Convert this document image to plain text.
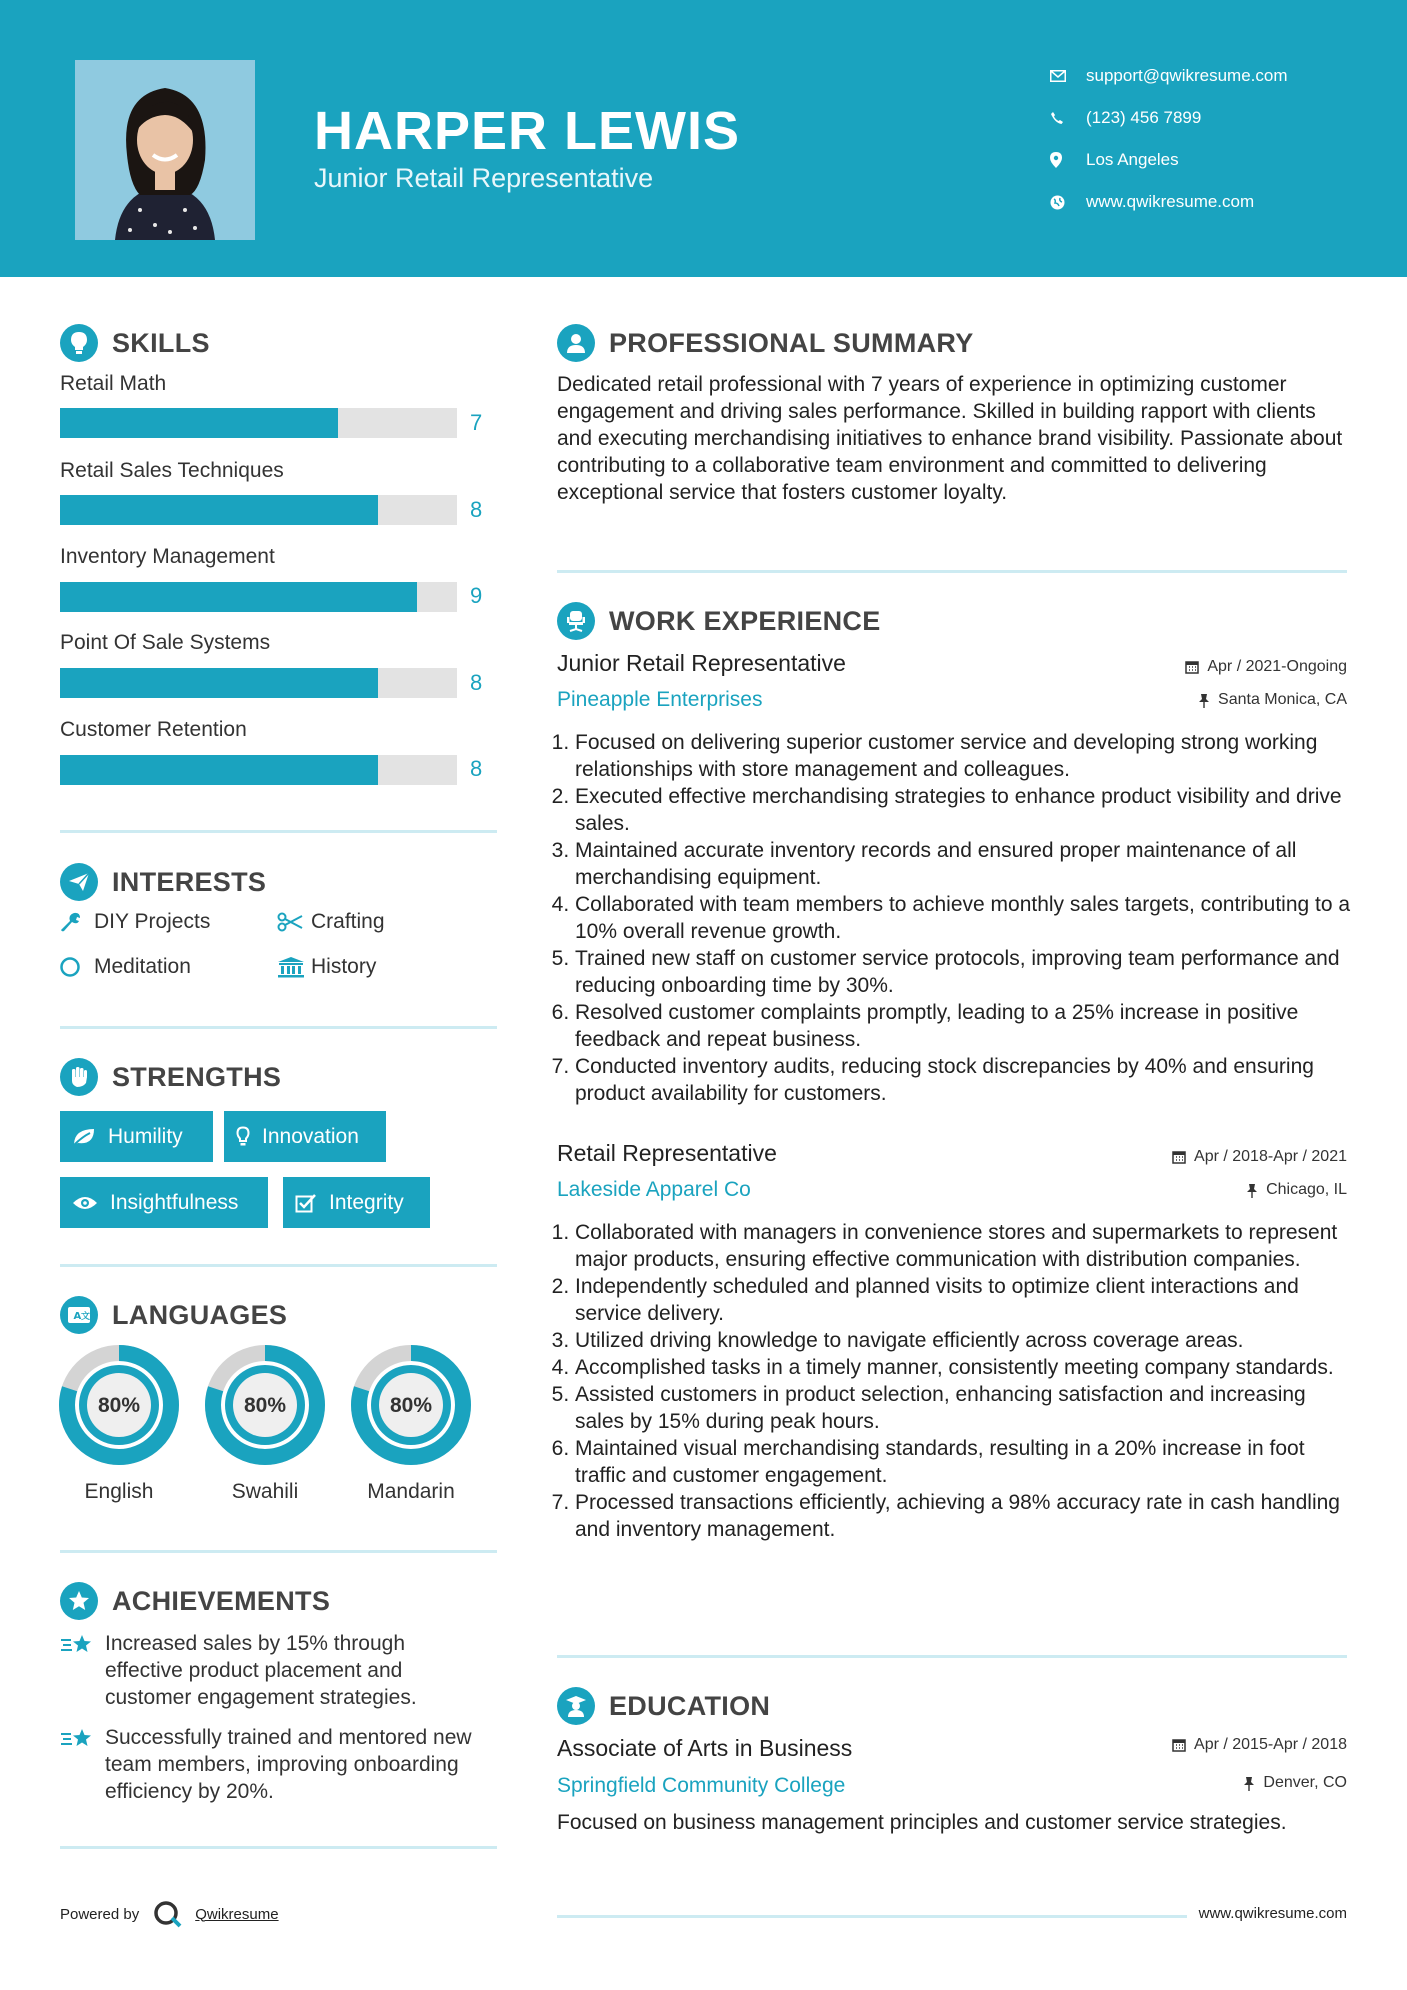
HARPER LEWIS
Junior Retail Representative
support@qwikresume.com
(123) 456 7899
Los Angeles
www.qwikresume.com
SKILLS
Retail Math
7
Retail Sales Techniques
8
Inventory Management
9
Point Of Sale Systems
8
Customer Retention
8
INTERESTS
DIY Projects	Crafting
Meditation	History
STRENGTHS
Humility	Innovation
Insightfulness	Integrity
A 文 LANGUAGES
80%
English
80%
Swahili
80%
Mandarin
ACHIEVEMENTS
Increased sales by 15% through effective product placement and customer engagement strategies.
Successfully trained and mentored new team members, improving onboarding efficiency by 20%.
PROFESSIONAL SUMMARY
Dedicated retail professional with 7 years of experience in optimizing customer engagement and driving sales performance. Skilled in building rapport with clients and executing merchandising initiatives to enhance brand visibility. Passionate about contributing to a collaborative team environment and committed to delivering exceptional service that fosters customer loyalty.
WORK EXPERIENCE
Junior Retail Representative	Apr / 2021-Ongoing
Pineapple Enterprises	Santa Monica, CA
1. Focused on delivering superior customer service and developing strong working relationships with store management and colleagues.
2. Executed effective merchandising strategies to enhance product visibility and drive sales.
3. Maintained accurate inventory records and ensured proper maintenance of all merchandising equipment.
4. Collaborated with team members to achieve monthly sales targets, contributing to a 10% overall revenue growth.
5. Trained new staff on customer service protocols, improving team performance and reducing onboarding time by 30%.
6. Resolved customer complaints promptly, leading to a 25% increase in positive feedback and repeat business.
7. Conducted inventory audits, reducing stock discrepancies by 40% and ensuring product availability for customers.
Retail Representative	Apr / 2018-Apr / 2021
Lakeside Apparel Co	Chicago, IL
1. Collaborated with managers in convenience stores and supermarkets to represent major products, ensuring effective communication with distribution companies.
2. Independently scheduled and planned visits to optimize client interactions and service delivery.
3. Utilized driving knowledge to navigate efficiently across coverage areas.
4. Accomplished tasks in a timely manner, consistently meeting company standards.
5. Assisted customers in product selection, enhancing satisfaction and increasing sales by 15% during peak hours.
6. Maintained visual merchandising standards, resulting in a 20% increase in foot traffic and customer engagement.
7. Processed transactions efficiently, achieving a 98% accuracy rate in cash handling and inventory management.
EDUCATION
Associate of Arts in Business	Apr / 2015-Apr / 2018
Springfield Community College	Denver, CO
Focused on business management principles and customer service strategies.
Powered by	Qwikresume	www.qwikresume.com
